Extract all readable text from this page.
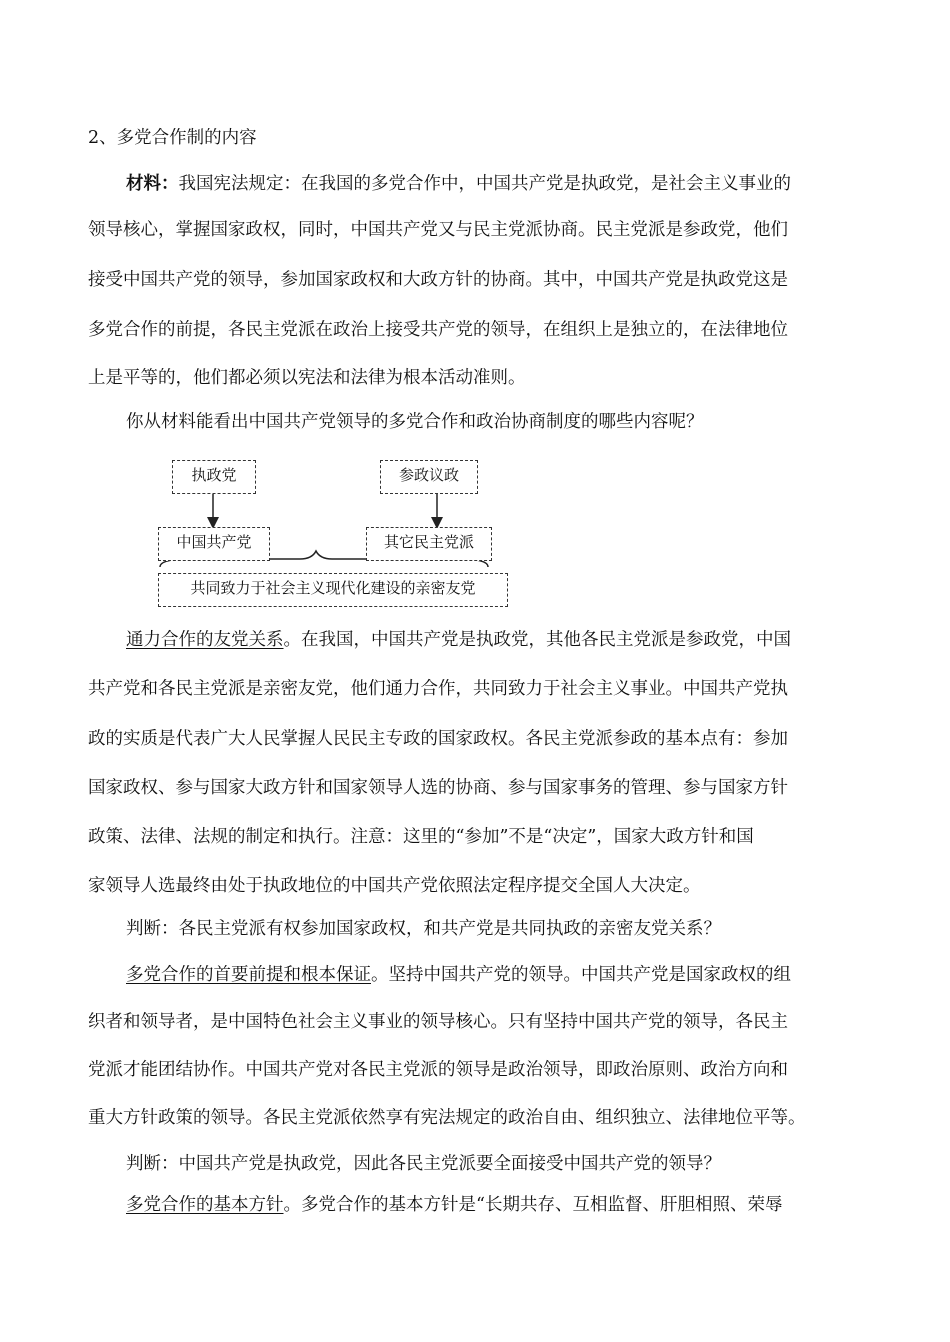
2、多党合作制的内容
材料：我国宪法规定：在我国的多党合作中，中国共产党是执政党，是社会主义事业的
领导核心，掌握国家政权，同时，中国共产党又与民主党派协商。民主党派是参政党，他们
接受中国共产党的领导，参加国家政权和大政方针的协商。其中，中国共产党是执政党这是
多党合作的前提，各民主党派在政治上接受共产党的领导，在组织上是独立的，在法律地位
上是平等的，他们都必须以宪法和法律为根本活动准则。
你从材料能看出中国共产党领导的多党合作和政治协商制度的哪些内容呢？
执政党	参政议政
中国共产党	其它民主党派
共同致力于社会主义现代化建设的亲密友党
通力合作的友党关系。在我国，中国共产党是执政党，其他各民主党派是参政党，中国
共产党和各民主党派是亲密友党，他们通力合作，共同致力于社会主义事业。中国共产党执
政的实质是代表广大人民掌握人民民主专政的国家政权。各民主党派参政的基本点有：参加
国家政权、参与国家大政方针和国家领导人选的协商、参与国家事务的管理、参与国家方针
政策、法律、法规的制定和执行。注意：这里的“参加”不是“决定”，国家大政方针和国
家领导人选最终由处于执政地位的中国共产党依照法定程序提交全国人大决定。
判断：各民主党派有权参加国家政权，和共产党是共同执政的亲密友党关系？
多党合作的首要前提和根本保证。坚持中国共产党的领导。中国共产党是国家政权的组
织者和领导者，是中国特色社会主义事业的领导核心。只有坚持中国共产党的领导，各民主
党派才能团结协作。中国共产党对各民主党派的领导是政治领导，即政治原则、政治方向和
重大方针政策的领导。各民主党派依然享有宪法规定的政治自由、组织独立、法律地位平等。
判断：中国共产党是执政党，因此各民主党派要全面接受中国共产党的领导？
多党合作的基本方针。多党合作的基本方针是“长期共存、互相监督、肝胆相照、荣辱
